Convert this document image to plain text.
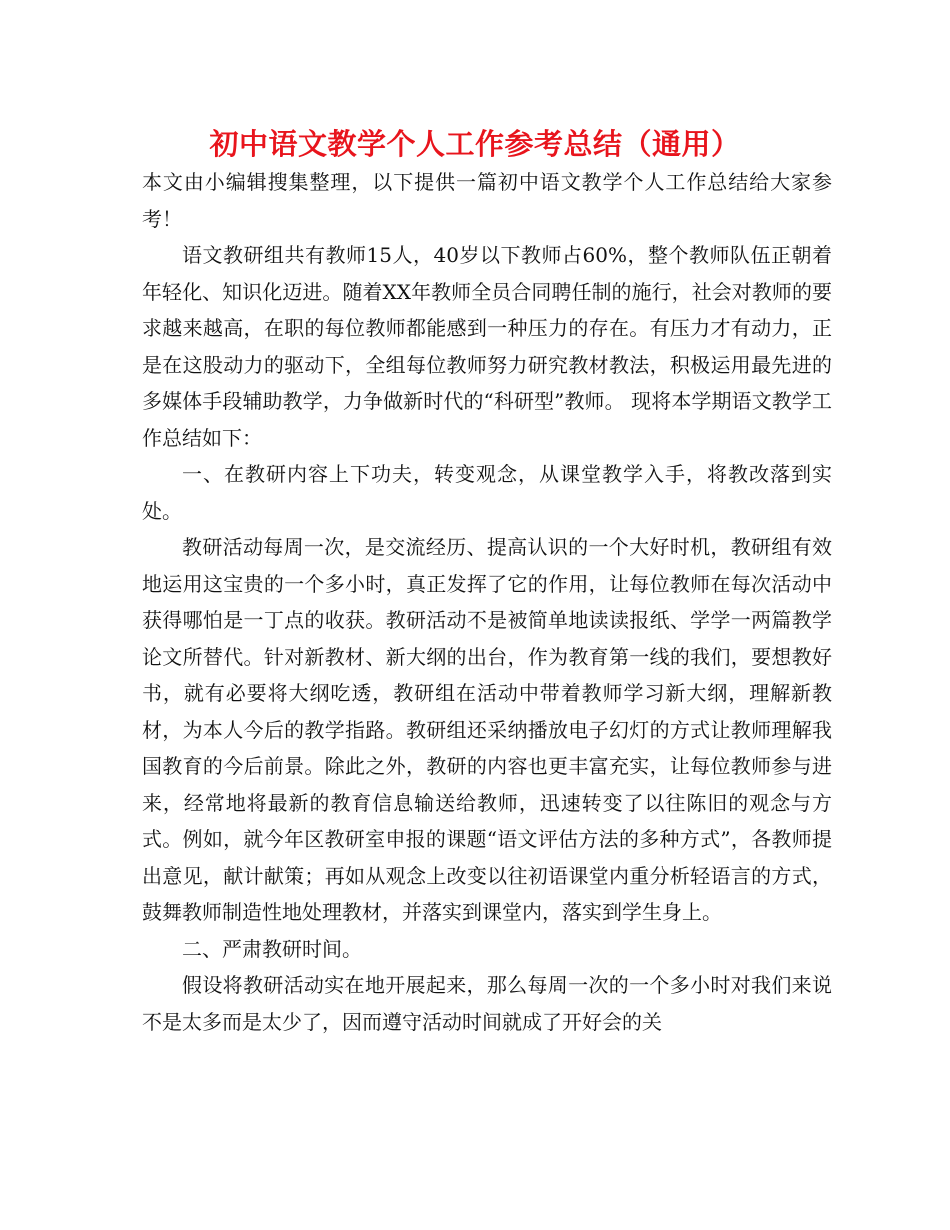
初中语文教学个人工作参考总结（通用）

本文由小编辑搜集整理，以下提供一篇初中语文教学个人工作总结给大家参考！

语文教研组共有教师15人，40岁以下教师占60%，整个教师队伍正朝着年轻化、知识化迈进。随着XX年教师全员合同聘任制的施行，社会对教师的要求越来越高，在职的每位教师都能感到一种压力的存在。有压力才有动力，正是在这股动力的驱动下，全组每位教师努力研究教材教法，积极运用最先进的多媒体手段辅助教学，力争做新时代的“科研型”教师。 现将本学期语文教学工作总结如下：

一、在教研内容上下功夫，转变观念，从课堂教学入手，将教改落到实处。

教研活动每周一次，是交流经历、提高认识的一个大好时机，教研组有效地运用这宝贵的一个多小时，真正发挥了它的作用，让每位教师在每次活动中获得哪怕是一丁点的收获。教研活动不是被简单地读读报纸、学学一两篇教学论文所替代。针对新教材、新大纲的出台，作为教育第一线的我们，要想教好书，就有必要将大纲吃透，教研组在活动中带着教师学习新大纲，理解新教材，为本人今后的教学指路。教研组还采纳播放电子幻灯的方式让教师理解我国教育的今后前景。除此之外，教研的内容也更丰富充实，让每位教师参与进来，经常地将最新的教育信息输送给教师，迅速转变了以往陈旧的观念与方式。例如，就今年区教研室申报的课题“语文评估方法的多种方式”，各教师提出意见，献计献策；再如从观念上改变以往初语课堂内重分析轻语言的方式，鼓舞教师制造性地处理教材，并落实到课堂内，落实到学生身上。

二、严肃教研时间。

假设将教研活动实在地开展起来，那么每周一次的一个多小时对我们来说不是太多而是太少了，因而遵守活动时间就成了开好会的关
